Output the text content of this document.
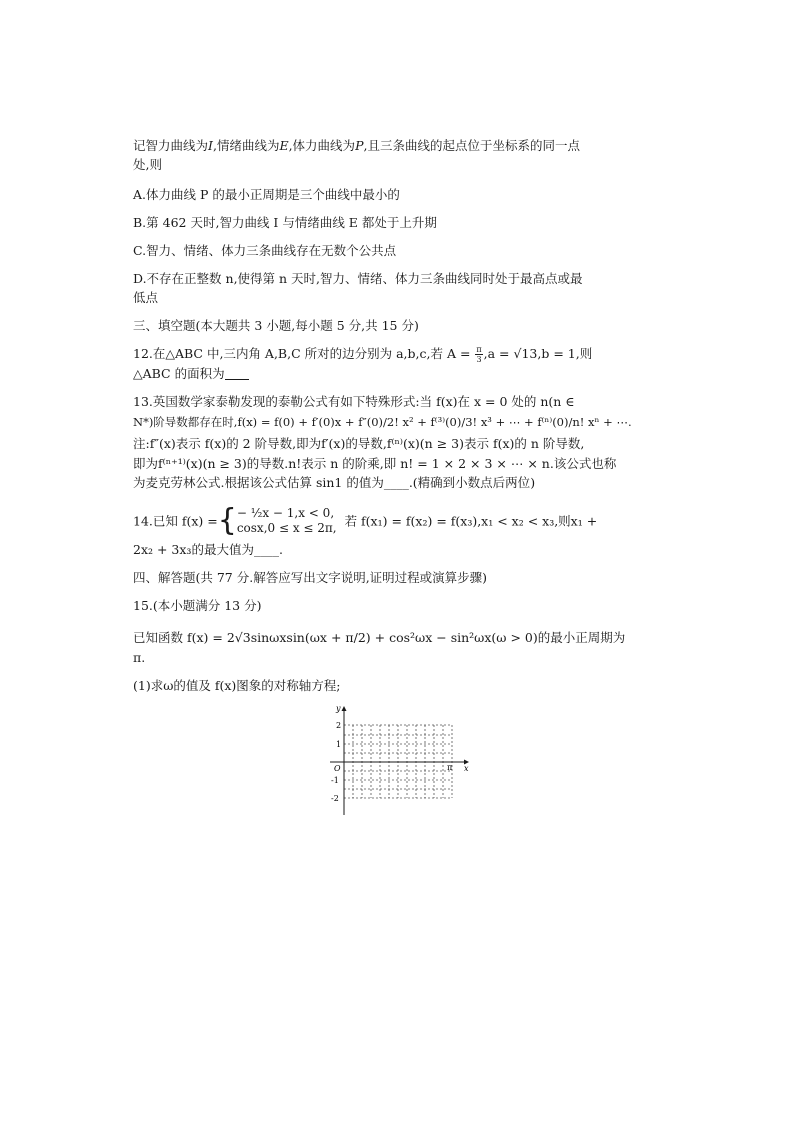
记智力曲线为I,情绪曲线为E,体力曲线为P,且三条曲线的起点位于坐标系的同一点

处,则

A.体力曲线 P 的最小正周期是三个曲线中最小的

B.第 462 天时,智力曲线 I 与情绪曲线 E 都处于上升期

C.智力、情绪、体力三条曲线存在无数个公共点

D.不存在正整数 n,使得第 n 天时,智力、情绪、体力三条曲线同时处于最高点或最

低点

三、填空题(本大题共 3 小题,每小题 5 分,共 15 分)

12.在△ABC 中,三内角 A,B,C 所对的边分别为 a,b,c,若 $A = \frac{\pi}{3} ,a = √13,b = 1$,则

△ABC 的面积为

13.英国数学家泰勒发现的泰勒公式有如下特殊形式:当 f(x)在 x = 0 处的 n(n ∈

N*)阶导数都存在时,f(x) = f(0) + f′(0)x + f″(0)/2! x² + f⁽³⁾(0)/3! x³ + ⋯ + f⁽ⁿ⁾(0)/n! xⁿ + ⋯.

注:f″(x)表示 f(x)的 2 阶导数,即为f′(x)的导数,f⁽ⁿ⁾(x)(n ≥ 3)表示 f(x)的 n 阶导数,

即为f⁽ⁿ⁺¹⁾(x)(n ≥ 3)的导数.n!表示 n 的阶乘,即 n! = 1 × 2 × 3 × ⋯ × n.该公式也称

为麦克劳林公式.根据该公式估算 sin1 的值为____.(精确到小数点后两位)

14.已知 f(x) ={ − ½x − 1,x < 0,
cosx,0 ≤ x ≤ 2π, 若 f(x₁) = f(x₂) = f(x₃),x₁ < x₂ < x₃,则x₁ +

2x₂ + 3x₃的最大值为____.

四、解答题(共 77 分.解答应写出文字说明,证明过程或演算步骤)

15.(本小题满分 13 分)

已知函数 f(x) = 2√3sinωxsin(ωx + π/2) + cos²ωx − sin²ωx(ω > 0)的最小正周期为

π.

(1)求ω的值及 f(x)图象的对称轴方程;

y
x
O	π
2
1
-1
-2
